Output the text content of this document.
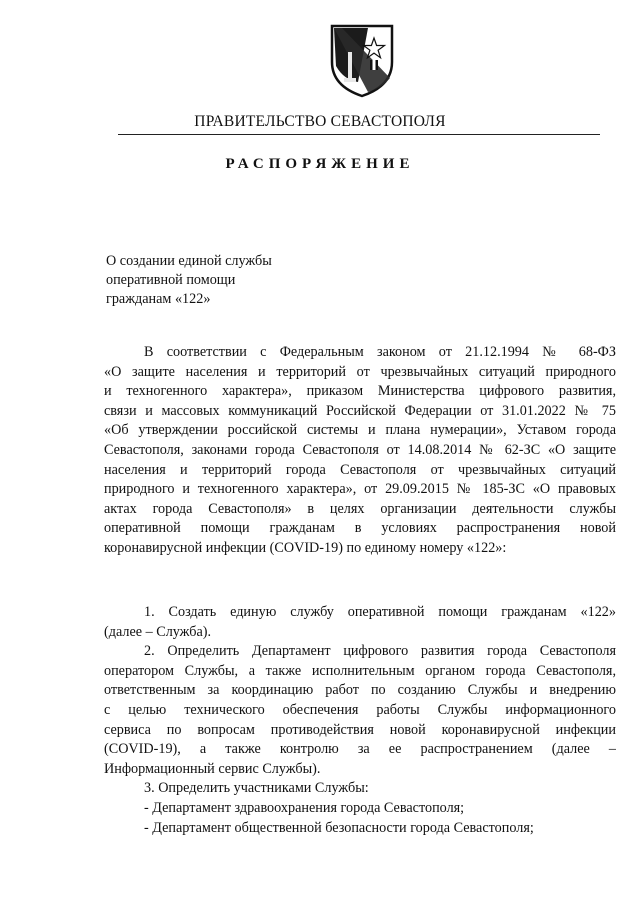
ПРАВИТЕЛЬСТВО СЕВАСТОПОЛЯ
РАСПОРЯЖЕНИЕ
О создании единой службы
оперативной помощи
гражданам «122»
В соответствии с Федеральным законом от 21.12.1994 № 68-ФЗ
«О защите населения и территорий от чрезвычайных ситуаций природного
и техногенного характера», приказом Министерства цифрового развития,
связи и массовых коммуникаций Российской Федерации от 31.01.2022 № 75
«Об утверждении российской системы и плана нумерации», Уставом города
Севастополя, законами города Севастополя от 14.08.2014 № 62-ЗС «О защите
населения и территорий города Севастополя от чрезвычайных ситуаций
природного и техногенного характера», от 29.09.2015 № 185-ЗС «О правовых
актах города Севастополя» в целях организации деятельности службы
оперативной помощи гражданам в условиях распространения новой
коронавирусной инфекции (COVID-19) по единому номеру «122»:
1. Создать единую службу оперативной помощи гражданам «122»
(далее – Служба).
2. Определить Департамент цифрового развития города Севастополя
оператором Службы, а также исполнительным органом города Севастополя,
ответственным за координацию работ по созданию Службы и внедрению
с целью технического обеспечения работы Службы информационного
сервиса по вопросам противодействия новой коронавирусной инфекции
(COVID-19), а также контролю за ее распространением (далее –
Информационный сервис Службы).
3. Определить участниками Службы:
- Департамент здравоохранения города Севастополя;
- Департамент общественной безопасности города Севастополя;
